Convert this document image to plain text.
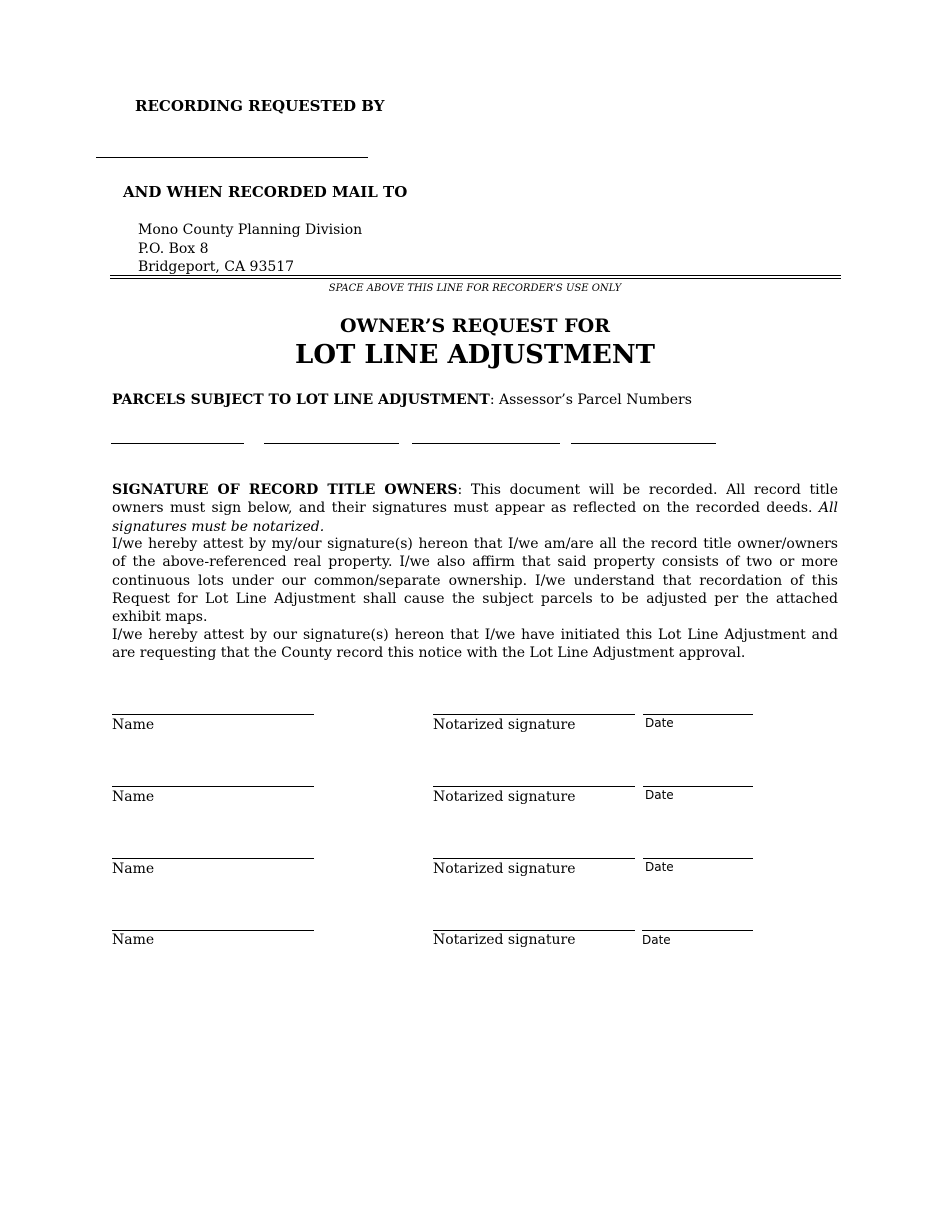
RECORDING REQUESTED BY
AND WHEN RECORDED MAIL TO
Mono County Planning Division
P.O. Box 8
Bridgeport, CA 93517
SPACE ABOVE THIS LINE FOR RECORDER’S USE ONLY
OWNER’S REQUEST FOR
LOT LINE ADJUSTMENT
PARCELS SUBJECT TO LOT LINE ADJUSTMENT: Assessor’s Parcel Numbers
SIGNATURE OF RECORD TITLE OWNERS: This document will be recorded. All record title owners must sign below, and their signatures must appear as reflected on the recorded deeds. All signatures must be notarized.
I/we hereby attest by my/our signature(s) hereon that I/we am/are all the record title owner/owners of the above-referenced real property. I/we also affirm that said property consists of two or more continuous lots under our common/separate ownership. I/we understand that recordation of this Request for Lot Line Adjustment shall cause the subject parcels to be adjusted per the attached exhibit maps.
I/we hereby attest by our signature(s) hereon that I/we have initiated this Lot Line Adjustment and are requesting that the County record this notice with the Lot Line Adjustment approval.
Name	Notarized signature	Date
Name	Notarized signature	Date
Name	Notarized signature	Date
Name	Notarized signature	Date
